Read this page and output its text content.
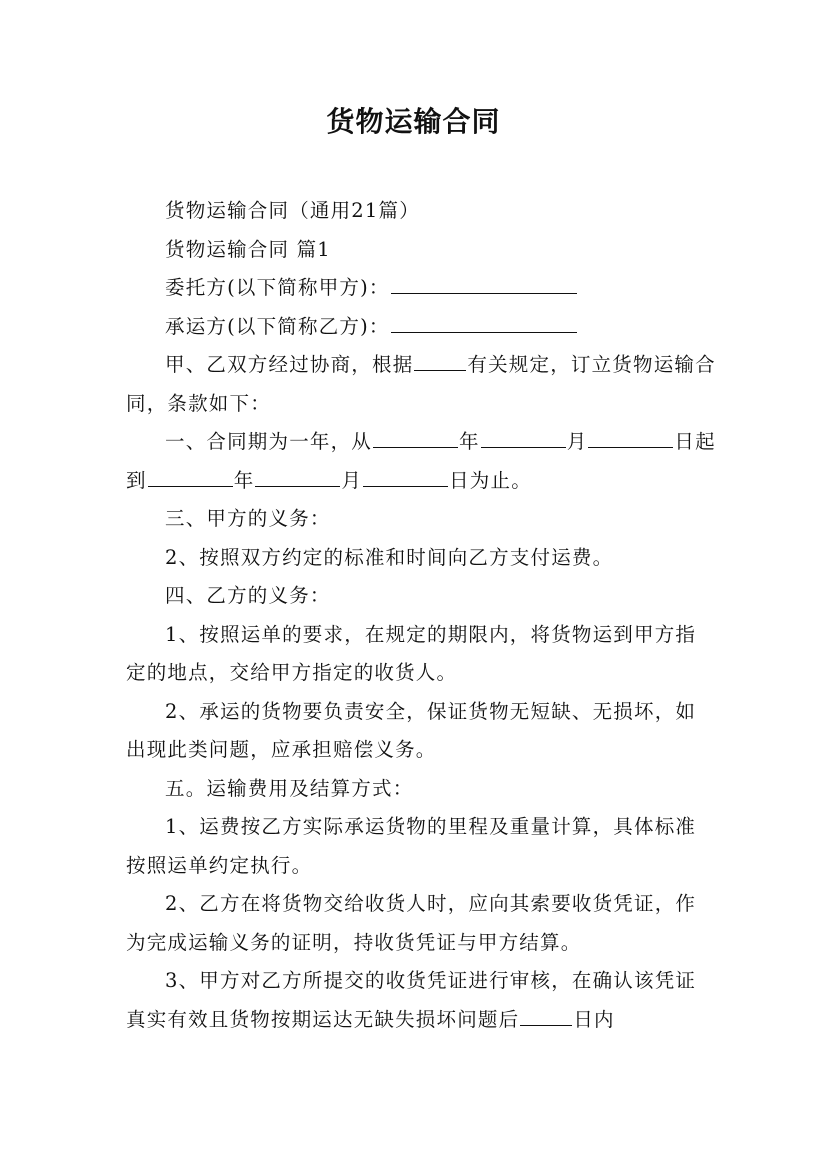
货物运输合同

货物运输合同（通用21篇）

货物运输合同 篇1

委托方(以下简称甲方)：

承运方(以下简称乙方)：

甲、乙双方经过协商，根据	有关规定，订立货物运输合同，条款如下：

一、合同期为一年，从	年	月	日起到	年	月	日为止。

三、甲方的义务：

2、按照双方约定的标准和时间向乙方支付运费。

四、乙方的义务：

1、按照运单的要求，在规定的期限内，将货物运到甲方指定的地点，交给甲方指定的收货人。

2、承运的货物要负责安全，保证货物无短缺、无损坏，如出现此类问题，应承担赔偿义务。

五。运输费用及结算方式：

1、运费按乙方实际承运货物的里程及重量计算，具体标准按照运单约定执行。

2、乙方在将货物交给收货人时，应向其索要收货凭证，作为完成运输义务的证明，持收货凭证与甲方结算。

3、甲方对乙方所提交的收货凭证进行审核，在确认该凭证真实有效且货物按期运达无缺失损坏问题后	日内
